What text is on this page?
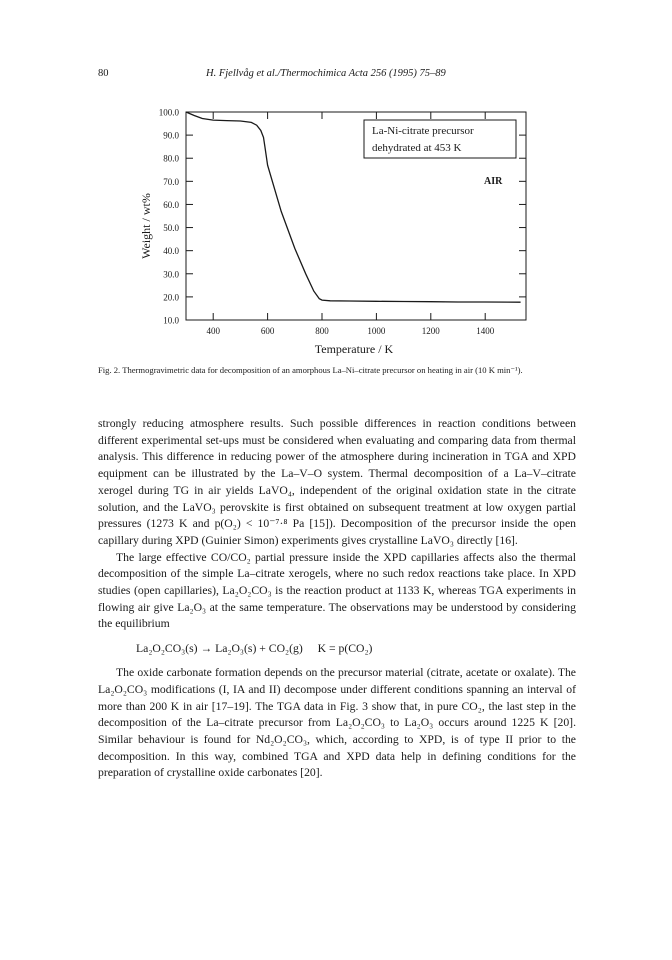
80	H. Fjellvåg et al./Thermochimica Acta 256 (1995) 75–89
100.0
90.0
80.0
70.0
60.0
50.0
40.0
30.0
20.0
10.0
400	600	800	1000	1200	1400
La-Ni-citrate precursor
dehydrated at 453 K
AIR
Weight / wt%
Temperature / K

Fig. 2. Thermogravimetric data for decomposition of an amorphous La–Ni–citrate precursor on heating in air (10 K min⁻¹).

strongly reducing atmosphere results. Such possible differences in reaction conditions between different experimental set-ups must be considered when evaluating and comparing data from thermal analysis. This difference in reducing power of the atmosphere during incineration in TGA and XPD equipment can be illustrated by the La–V–O system. Thermal decomposition of a La–V–citrate xerogel during TG in air yields LaVO₄, independent of the original oxidation state in the citrate solution, and the LaVO₃ perovskite is first obtained on subsequent treatment at low oxygen partial pressures (1273 K and p(O₂) < 10⁻⁷·⁸ Pa [15]). Decomposition of the precursor inside the open capillary during XPD (Guinier Simon) experiments gives crystalline LaVO₃ directly [16].

The large effective CO/CO₂ partial pressure inside the XPD capillaries affects also the thermal decomposition of the simple La–citrate xerogels, where no such redox reactions take place. In XPD studies (open capillaries), La₂O₂CO₃ is the reaction product at 1133 K, whereas TGA experiments in flowing air give La₂O₃ at the same temperature. The observations may be understood by considering the equilibrium

La₂O₂CO₃(s) → La₂O₃(s) + CO₂(g) K = p(CO₂)

The oxide carbonate formation depends on the precursor material (citrate, acetate or oxalate). The La₂O₂CO₃ modifications (I, IA and II) decompose under different conditions spanning an interval of more than 200 K in air [17–19]. The TGA data in Fig. 3 show that, in pure CO₂, the last step in the decomposition of the La–citrate precursor from La₂O₂CO₃ to La₂O₃ occurs around 1225 K [20]. Similar behaviour is found for Nd₂O₂CO₃, which, according to XPD, is of type II prior to the decomposition. In this way, combined TGA and XPD data help in defining conditions for the preparation of crystalline oxide carbonates [20].
